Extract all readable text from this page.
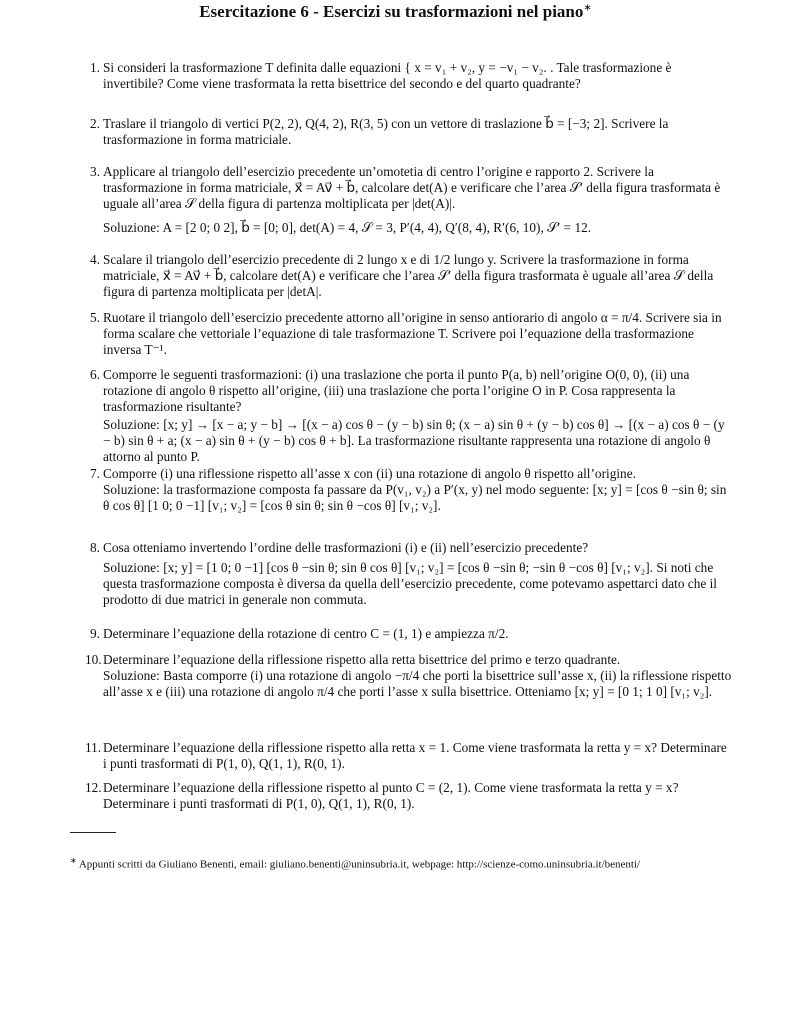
Esercitazione 6 - Esercizi su trasformazioni nel piano∗
1. Si consideri la trasformazione T definita dalle equazioni { x = v₁ + v₂, y = −v₁ − v₂. . Tale trasformazione è invertibile? Come viene trasformata la retta bisettrice del secondo e del quarto quadrante?

2. Traslare il triangolo di vertici P(2, 2), Q(4, 2), R(3, 5) con un vettore di traslazione b⃗ = [−3; 2]. Scrivere la trasformazione in forma matriciale.

3. Applicare al triangolo dell’esercizio precedente un’omotetia di centro l’origine e rapporto 2. Scrivere la trasformazione in forma matriciale, x⃗ = Av⃗ + b⃗, calcolare det(A) e verificare che l’area 𝒮′ della figura trasformata è uguale all’area 𝒮 della figura di partenza moltiplicata per |det(A)|.

Soluzione: A = [2 0; 0 2], b⃗ = [0; 0], det(A) = 4, 𝒮 = 3, P′(4, 4), Q′(8, 4), R′(6, 10), 𝒮′ = 12.

4. Scalare il triangolo dell’esercizio precedente di 2 lungo x e di 1/2 lungo y. Scrivere la trasformazione in forma matriciale, x⃗ = Av⃗ + b⃗, calcolare det(A) e verificare che l’area 𝒮′ della figura trasformata è uguale all’area 𝒮 della figura di partenza moltiplicata per |detA|.

5. Ruotare il triangolo dell’esercizio precedente attorno all’origine in senso antiorario di angolo α = π/4. Scrivere sia in forma scalare che vettoriale l’equazione di tale trasformazione T. Scrivere poi l’equazione della trasformazione inversa T⁻¹.

6. Comporre le seguenti trasformazioni: (i) una traslazione che porta il punto P(a, b) nell’origine O(0, 0), (ii) una rotazione di angolo θ rispetto all’origine, (iii) una traslazione che porta l’origine O in P. Cosa rappresenta la trasformazione risultante?

Soluzione: [x; y] → [x − a; y − b] → [(x − a) cos θ − (y − b) sin θ; (x − a) sin θ + (y − b) cos θ] → [(x − a) cos θ − (y − b) sin θ + a; (x − a) sin θ + (y − b) cos θ + b]. La trasformazione risultante rappresenta una rotazione di angolo θ attorno al punto P.

7. Comporre (i) una riflessione rispetto all’asse x con (ii) una rotazione di angolo θ rispetto all’origine.

Soluzione: la trasformazione composta fa passare da P(v₁, v₂) a P′(x, y) nel modo seguente: [x; y] = [cos θ −sin θ; sin θ cos θ] [1 0; 0 −1] [v₁; v₂] = [cos θ sin θ; sin θ −cos θ] [v₁; v₂].

8. Cosa otteniamo invertendo l’ordine delle trasformazioni (i) e (ii) nell’esercizio precedente?

Soluzione: [x; y] = [1 0; 0 −1] [cos θ −sin θ; sin θ cos θ] [v₁; v₂] = [cos θ −sin θ; −sin θ −cos θ] [v₁; v₂]. Si noti che questa trasformazione composta è diversa da quella dell’esercizio precedente, come potevamo aspettarci dato che il prodotto di due matrici in generale non commuta.

9. Determinare l’equazione della rotazione di centro C = (1, 1) e ampiezza π/2.

10. Determinare l’equazione della riflessione rispetto alla retta bisettrice del primo e terzo quadrante.

Soluzione: Basta comporre (i) una rotazione di angolo −π/4 che porti la bisettrice sull’asse x, (ii) la riflessione rispetto all’asse x e (iii) una rotazione di angolo π/4 che porti l’asse x sulla bisettrice. Otteniamo [x; y] = [0 1; 1 0] [v₁; v₂].

11. Determinare l’equazione della riflessione rispetto alla retta x = 1. Come viene trasformata la retta y = x? Determinare i punti trasformati di P(1, 0), Q(1, 1), R(0, 1).

12. Determinare l’equazione della riflessione rispetto al punto C = (2, 1). Come viene trasformata la retta y = x? Determinare i punti trasformati di P(1, 0), Q(1, 1), R(0, 1).

∗ Appunti scritti da Giuliano Benenti, email: giuliano.benenti@uninsubria.it, webpage: http://scienze-como.uninsubria.it/benenti/
